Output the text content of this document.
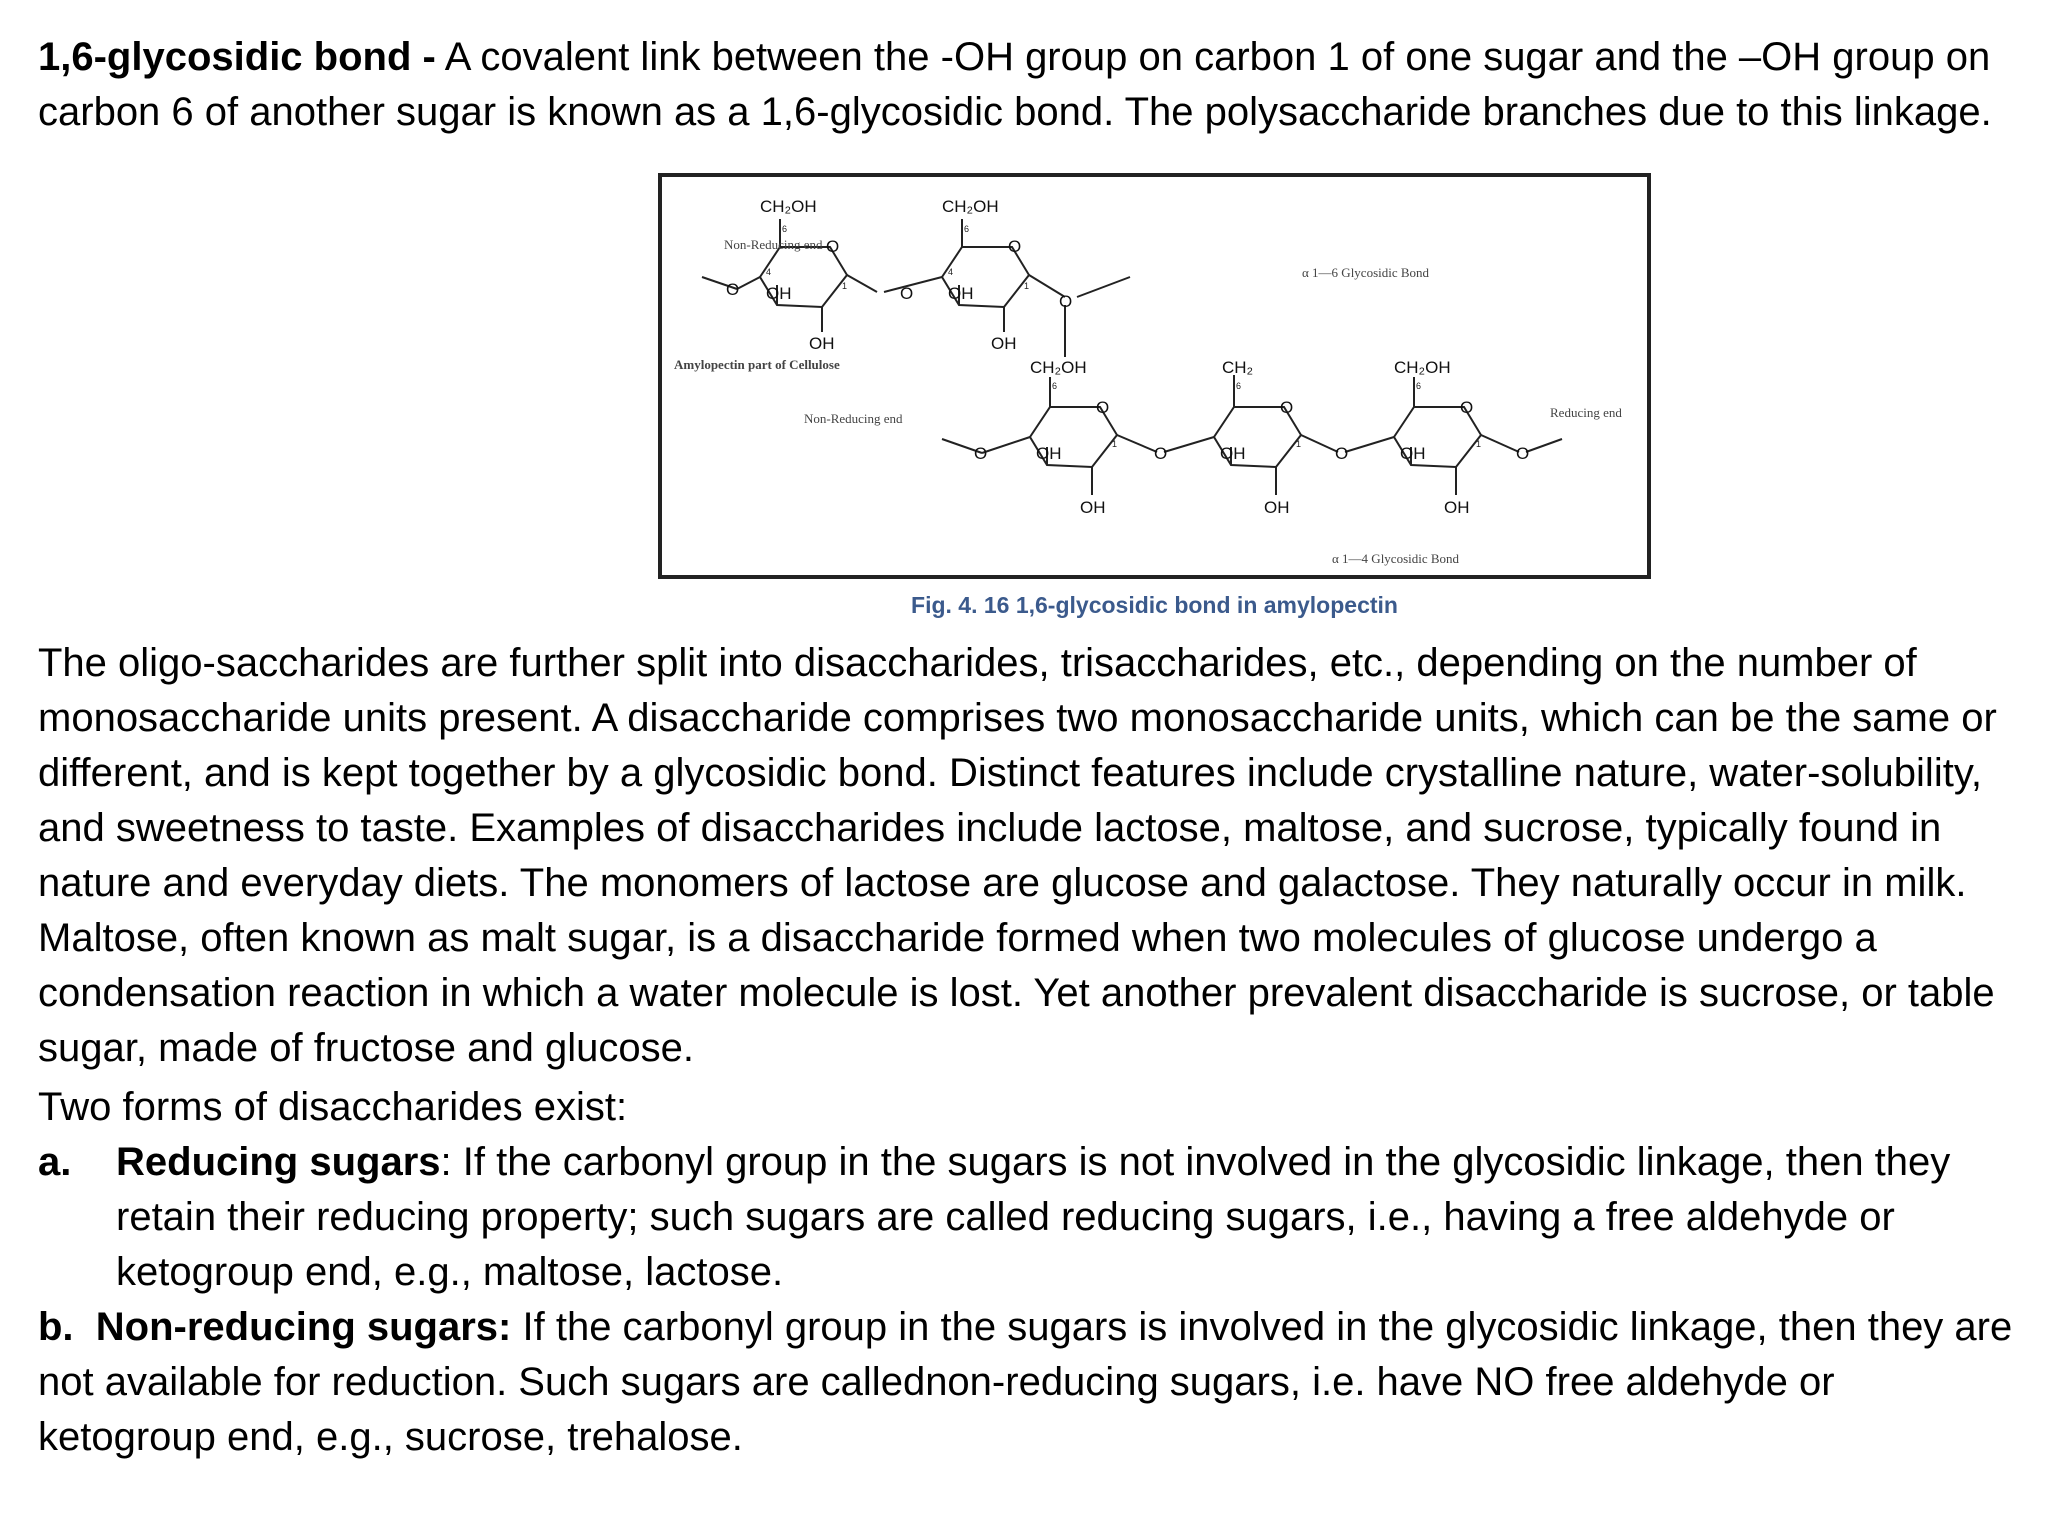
1,6-glycosidic bond - A covalent link between the -OH group on carbon 1 of one sugar and the –OH group on carbon 6 of another sugar is known as a 1,6-glycosidic bond. The polysaccharide branches due to this linkage.

O	O
O
O	O
O	O	O
O	O	O	O
CH₂OH	CH₂OH
CH₂OH	CH₂	CH₂OH
OH	OH
OH	OH
OH	OH	OH
OH	OH	OH
6	6
4	4
1	1
6	6	6
1	1	1
Non-Reducing end
Amylopectin part of Cellulose
Non-Reducing end
α 1—6 Glycosidic Bond
α 1—4 Glycosidic Bond
Reducing end
Fig. 4. 16 1,6-glycosidic bond in amylopectin

The oligo-saccharides are further split into disaccharides, trisaccharides, etc., depending on the number of monosaccharide units present. A disaccharide comprises two monosaccharide units, which can be the same or different, and is kept together by a glycosidic bond. Distinct features include crystalline nature, water-solubility, and sweetness to taste. Examples of disaccharides include lactose, maltose, and sucrose, typically found in nature and everyday diets. The monomers of lactose are glucose and galactose. They naturally occur in milk. Maltose, often known as malt sugar, is a disaccharide formed when two molecules of glucose undergo a condensation reaction in which a water molecule is lost. Yet another prevalent disaccharide is sucrose, or table sugar, made of fructose and glucose.

Two forms of disaccharides exist:

a. Reducing sugars: If the carbonyl group in the sugars is not involved in the glycosidic linkage, then they retain their reducing property; such sugars are called reducing sugars, i.e., having a free aldehyde or ketogroup end, e.g., maltose, lactose.
b. Non-reducing sugars: If the carbonyl group in the sugars is involved in the glycosidic linkage, then they are not available for reduction. Such sugars are callednon-reducing sugars, i.e. have NO free aldehyde or ketogroup end, e.g., sucrose, trehalose.
